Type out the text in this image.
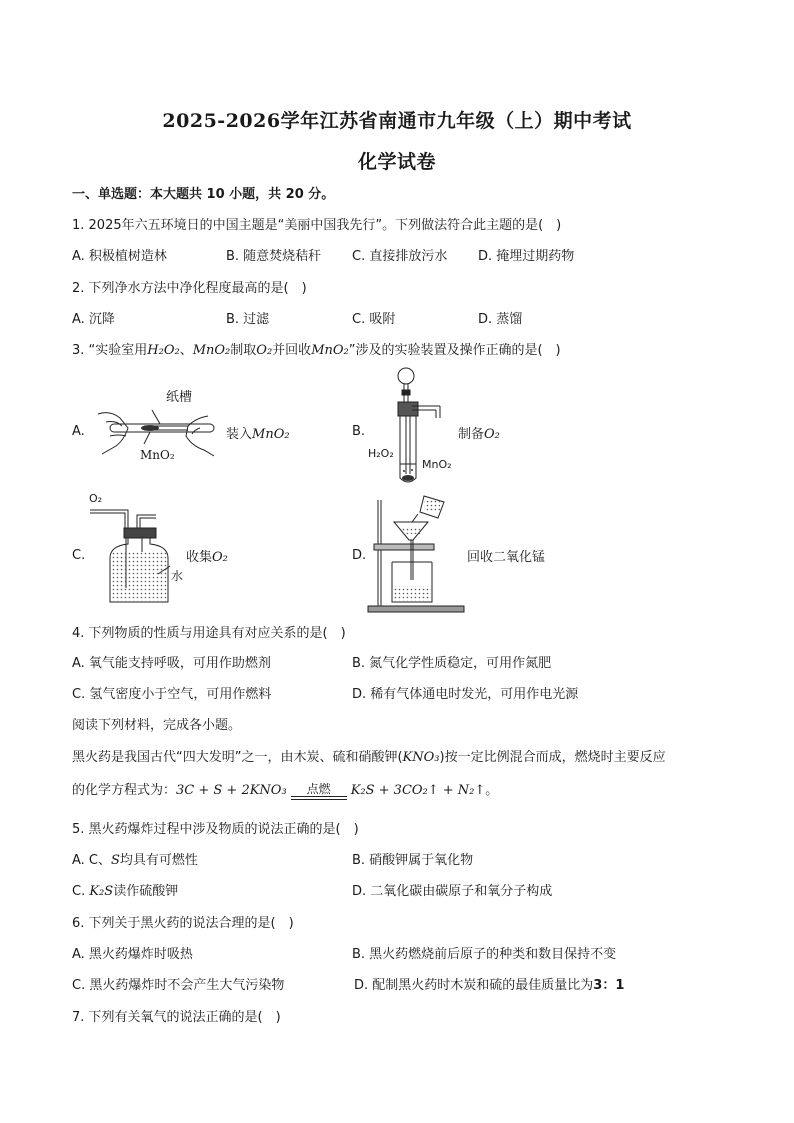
2025-2026学年江苏省南通市九年级（上）期中考试
化学试卷
一、单选题：本大题共 10 小题，共 20 分。
1. 2025年六五环境日的中国主题是“美丽中国我先行”。下列做法符合此主题的是(　)
A. 积极植树造林	B. 随意焚烧秸秆 C. 直接排放污水 D. 掩埋过期药物
2. 下列净水方法中净化程度最高的是(　)
A. 沉降	B. 过滤	C. 吸附	D. 蒸馏
3. “实验室用H₂O₂、MnO₂制取O₂并回收MnO₂”涉及的实验装置及操作正确的是(　)
A.
纸槽
MnO₂
装入MnO₂	B.
H₂O₂
MnO₂
制备O₂
C.
O₂
水
收集O₂	D.	回收二氧化锰
4. 下列物质的性质与用途具有对应关系的是(　)
A. 氧气能支持呼吸，可用作助燃剂	B. 氮气化学性质稳定，可用作氮肥
C. 氢气密度小于空气，可用作燃料	D. 稀有气体通电时发光，可用作电光源
阅读下列材料，完成各小题。
黑火药是我国古代“四大发明”之一，由木炭、硫和硝酸钾(KNO₃)按一定比例混合而成，燃烧时主要反应
的化学方程式为：3C + S + 2KNO₃	点燃	K₂S + 3CO₂↑ + N₂↑。
5. 黑火药爆炸过程中涉及物质的说法正确的是(　)
A. C、S均具有可燃性	B. 硝酸钾属于氧化物
C. K₂S读作硫酸钾	D. 二氧化碳由碳原子和氧分子构成
6. 下列关于黑火药的说法合理的是(　)
A. 黑火药爆炸时吸热	B. 黑火药燃烧前后原子的种类和数目保持不变
C. 黑火药爆炸时不会产生大气污染物	D. 配制黑火药时木炭和硫的最佳质量比为3：1
7. 下列有关氧气的说法正确的是(　)
